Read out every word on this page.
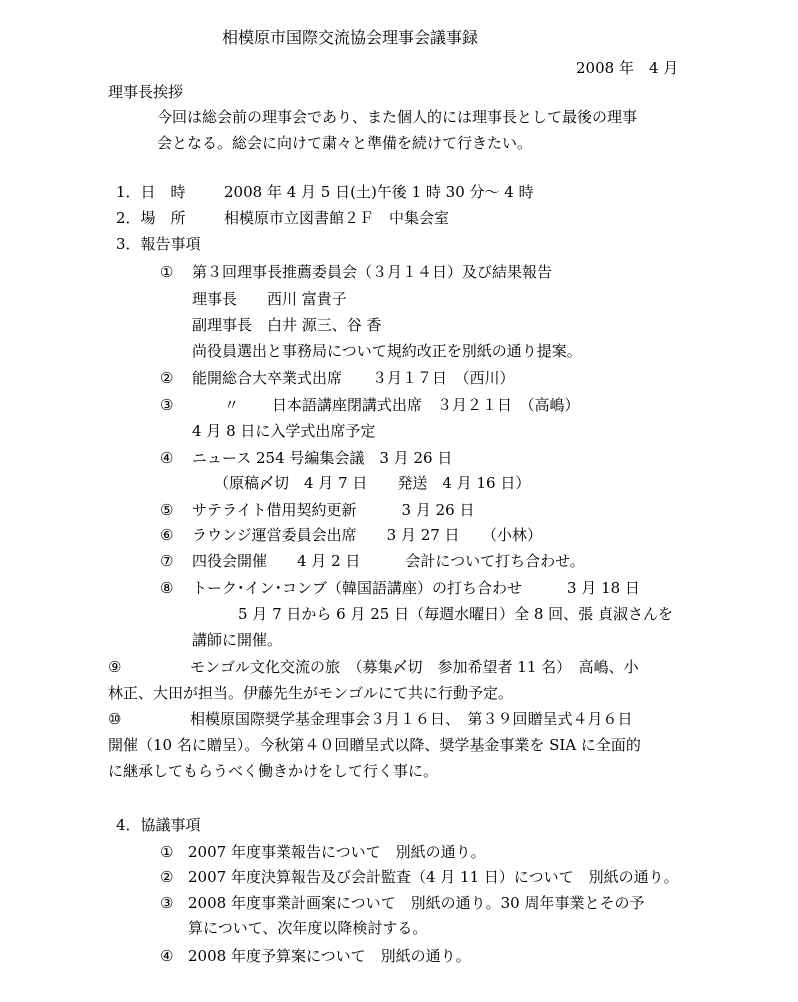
相模原市国際交流協会理事会議事録
2008 年　4 月
理事長挨拶
今回は総会前の理事会であり、また個人的には理事長として最後の理事
会となる。総会に向けて粛々と準備を続けて行きたい。
1．日　時	2008 年 4 月 5 日(土)午後 1 時 30 分～ 4 時
2．場　所	相模原市立図書館２Ｆ　中集会室
3．報告事項
① 第３回理事長推薦委員会（３月１４日）及び結果報告
理事長　　西川 富貴子
副理事長　白井 源三、谷 香
尚役員選出と事務局について規約改正を別紙の通り提案。
② 能開総合大卒業式出席　　３月１７日　（西川）
③	〃 日本語講座閉講式出席　３月２１日　（高嶋）
4 月 8 日に入学式出席予定
④ ニュース 254 号編集会議　3 月 26 日
（原稿〆切　4 月 7 日　　発送　4 月 16 日）
⑤ サテライト借用契約更新　　　3 月 26 日
⑥ ラウンジ運営委員会出席　　3 月 27 日　　（小林）
⑦ 四役会開催　　4 月 2 日　　　会計について打ち合わせ。
⑧ トーク･イン･コンブ（韓国語講座）の打ち合わせ　　　3 月 18 日
5 月 7 日から 6 月 25 日（毎週水曜日）全 8 回、張 貞淑さんを
講師に開催。
⑨	モンゴル文化交流の旅　（募集〆切　参加希望者 11 名）　高嶋、小
林正、大田が担当。伊藤先生がモンゴルにて共に行動予定。
⑩	相模原国際奨学基金理事会３月１６日、　第３９回贈呈式４月６日
開催（10 名に贈呈）。今秋第４０回贈呈式以降、奨学基金事業を SIA に全面的
に継承してもらうべく働きかけをして行く事に。
4．協議事項
① 2007 年度事業報告について　別紙の通り。
② 2007 年度決算報告及び会計監査（4 月 11 日）について　別紙の通り。
③ 2008 年度事業計画案について　別紙の通り。30 周年事業とその予
算について、次年度以降検討する。
④ 2008 年度予算案について　別紙の通り。
